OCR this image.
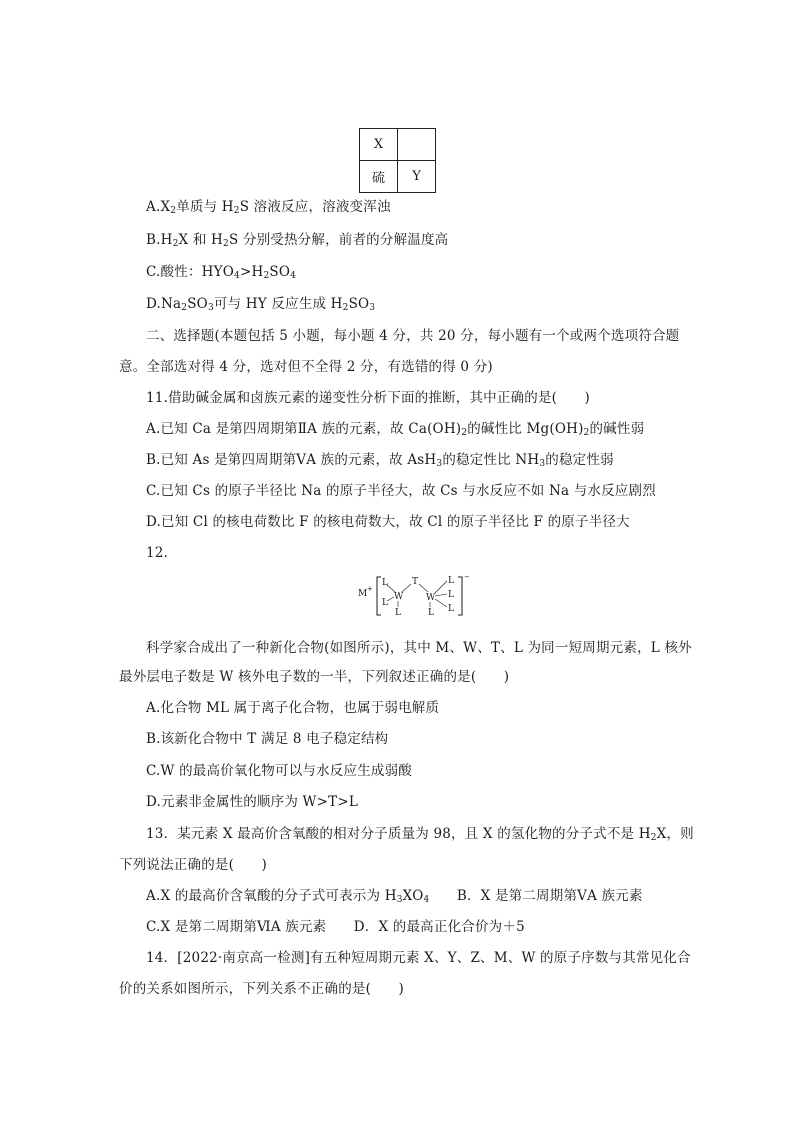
X	
硫	Y
$A.X_2$单质与 $H_2S$ 溶液反应，溶液变浑浊
$B.H_2X$ 和 $H_2S$ 分别受热分解，前者的分解温度高
C.酸性：$HYO_4>H_2SO_4$
$D.Na_2SO_3$可与 HY 反应生成 $H_2SO_3$
二、选择题(本题包括 5 小题，每小题 4 分，共 20 分，每小题有一个或两个选项符合题
意。全部选对得 4 分，选对但不全得 2 分，有选错的得 0 分)
11.借助碱金属和卤族元素的递变性分析下面的推断，其中正确的是(　　)
A.已知 Ca 是第四周期第ⅡA 族的元素，故 $Ca(OH)_2$的碱性比 $Mg(OH)_2$的碱性弱
B.已知 As 是第四周期第ⅤA 族的元素，故 AsH$_3$的稳定性比 $NH_3$的稳定性弱
C.已知 Cs 的原子半径比 Na 的原子半径大，故 Cs 与水反应不如 Na 与水反应剧烈
D.已知 Cl 的核电荷数比 F 的核电荷数大，故 Cl 的原子半径比 F 的原子半径大
12.
M +
−
L
L
W
L
T
W
L
L
L
L
科学家合成出了一种新化合物(如图所示)，其中 M、W、T、L 为同一短周期元素，L 核外
最外层电子数是 W 核外电子数的一半，下列叙述正确的是(　　)
A.化合物 ML 属于离子化合物，也属于弱电解质
B.该新化合物中 T 满足 8 电子稳定结构
C.W 的最高价氧化物可以与水反应生成弱酸
D.元素非金属性的顺序为 W>T>L
13．某元素 X 最高价含氧酸的相对分子质量为 98，且 X 的氢化物的分子式不是 $H_2X$，则
下列说法正确的是(　　)
A.X 的最高价含氧酸的分子式可表示为 $H_3XO_4$　　B．X 是第二周期第ⅤA 族元素
C.X 是第二周期第ⅥA 族元素　　D．X 的最高正化合价为＋5
14．[2022·南京高一检测]有五种短周期元素 X、Y、Z、M、W 的原子序数与其常见化合
价的关系如图所示，下列关系不正确的是(　　)
